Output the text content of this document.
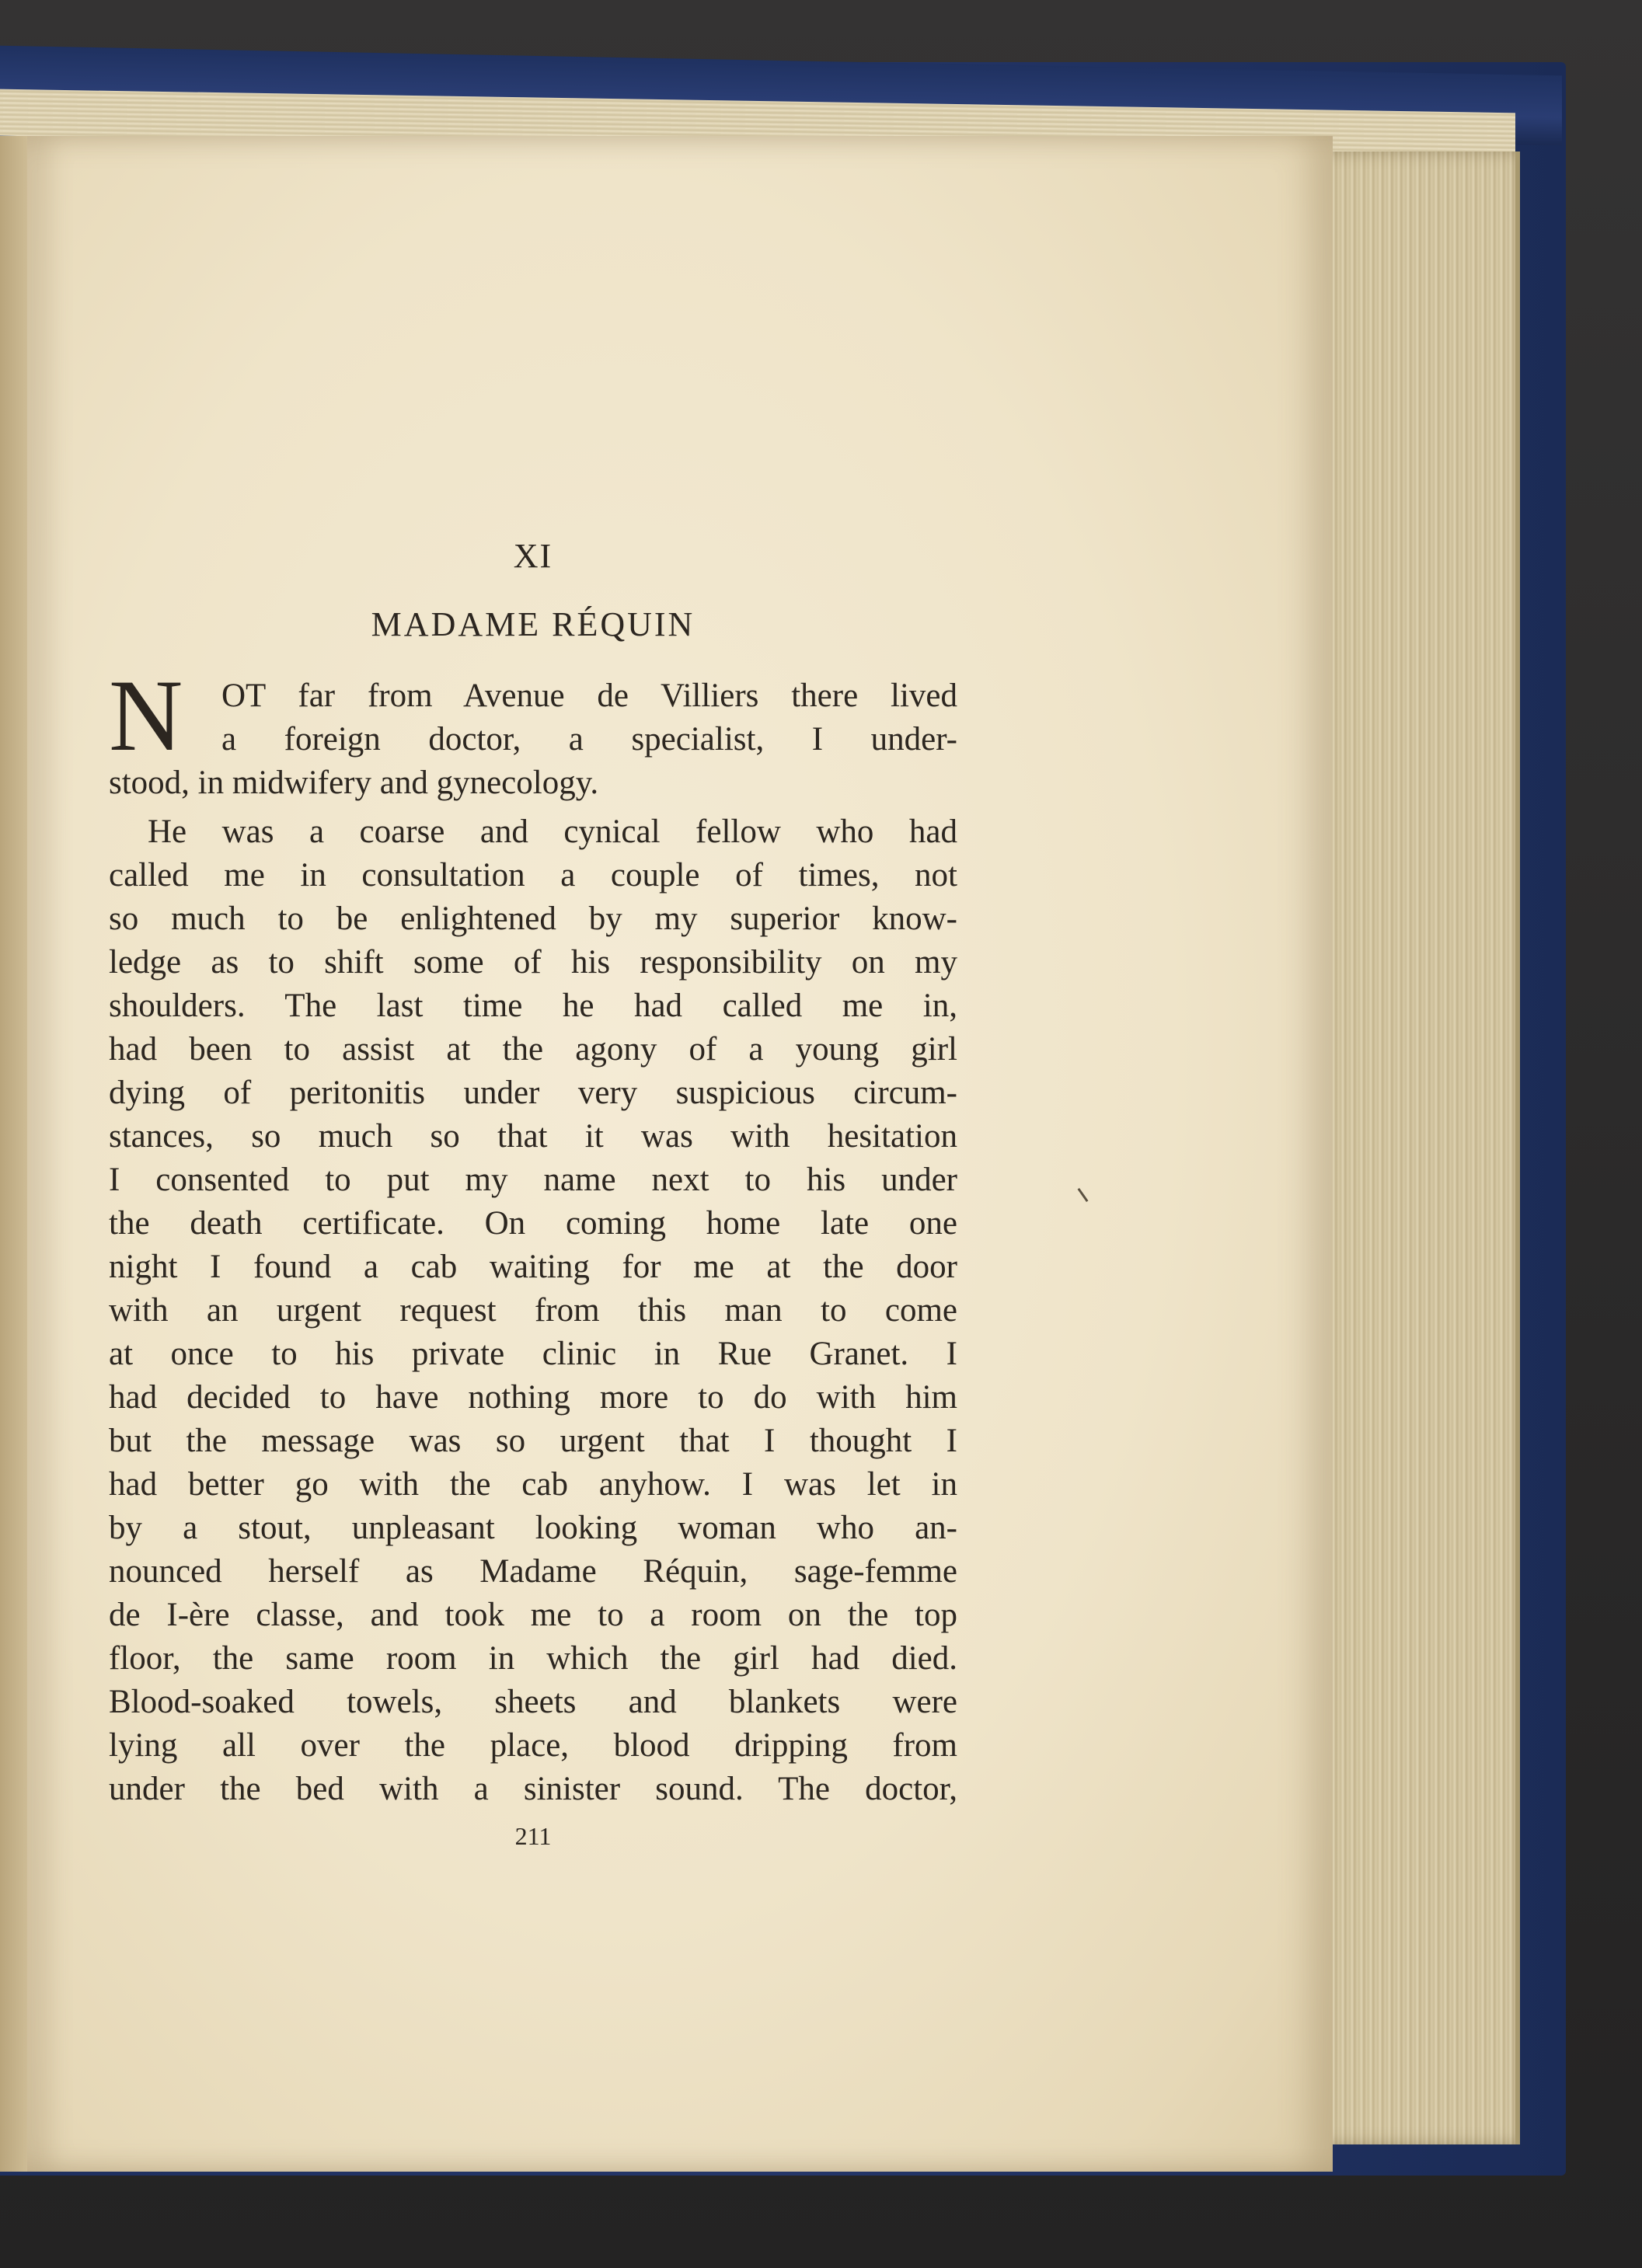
XI
MADAME RÉQUIN
N OT far from Avenue de Villiers there lived
a foreign doctor, a specialist, I under-
stood, in midwifery and gynecology.
He was a coarse and cynical fellow who had
called me in consultation a couple of times, not
so much to be enlightened by my superior know-
ledge as to shift some of his responsibility on my
shoulders. The last time he had called me in,
had been to assist at the agony of a young girl
dying of peritonitis under very suspicious circum-
stances, so much so that it was with hesitation
I consented to put my name next to his under
the death certificate. On coming home late one
night I found a cab waiting for me at the door
with an urgent request from this man to come
at once to his private clinic in Rue Granet. I
had decided to have nothing more to do with him
but the message was so urgent that I thought I
had better go with the cab anyhow. I was let in
by a stout, unpleasant looking woman who an-
nounced herself as Madame Réquin, sage-femme
de I-ère classe, and took me to a room on the top
floor, the same room in which the girl had died.
Blood-soaked towels, sheets and blankets were
lying all over the place, blood dripping from
under the bed with a sinister sound. The doctor,
211
